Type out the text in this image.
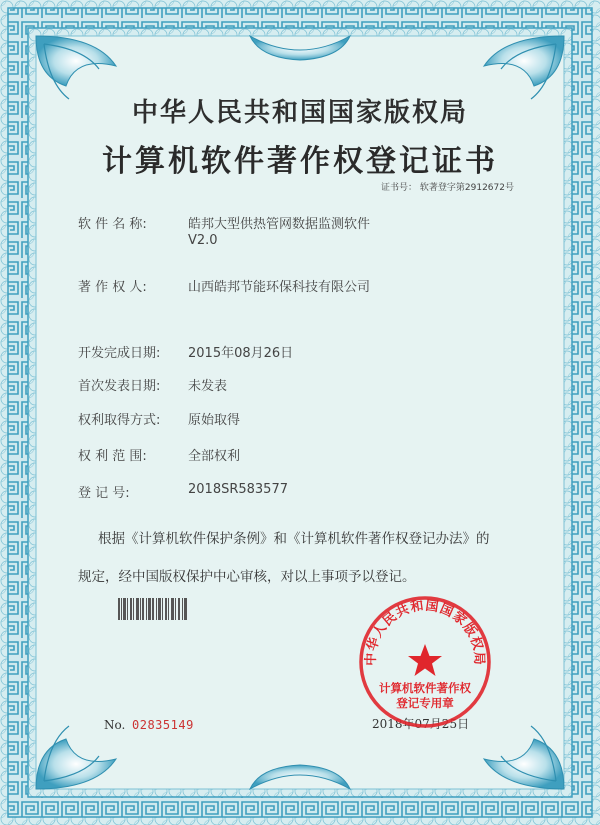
中华人民共和国国家版权局
计算机软件著作权登记证书
证书号： 软著登字第2912672号
软 件 名 称:	皓邦大型供热管网数据监测软件
V2.0
著 作 权 人:	山西皓邦节能环保科技有限公司
开发完成日期: 2015年08月26日
首次发表日期: 未发表
权利取得方式: 原始取得
权 利 范 围:	全部权利
登 记 号:	2018SR583577
根据《计算机软件保护条例》和《计算机软件著作权登记办法》的
规定，经中国版权保护中心审核，对以上事项予以登记。
No. 02835149	2018年07月25日
中华人民共和国国家版权局
计算机软件著作权
登记专用章
